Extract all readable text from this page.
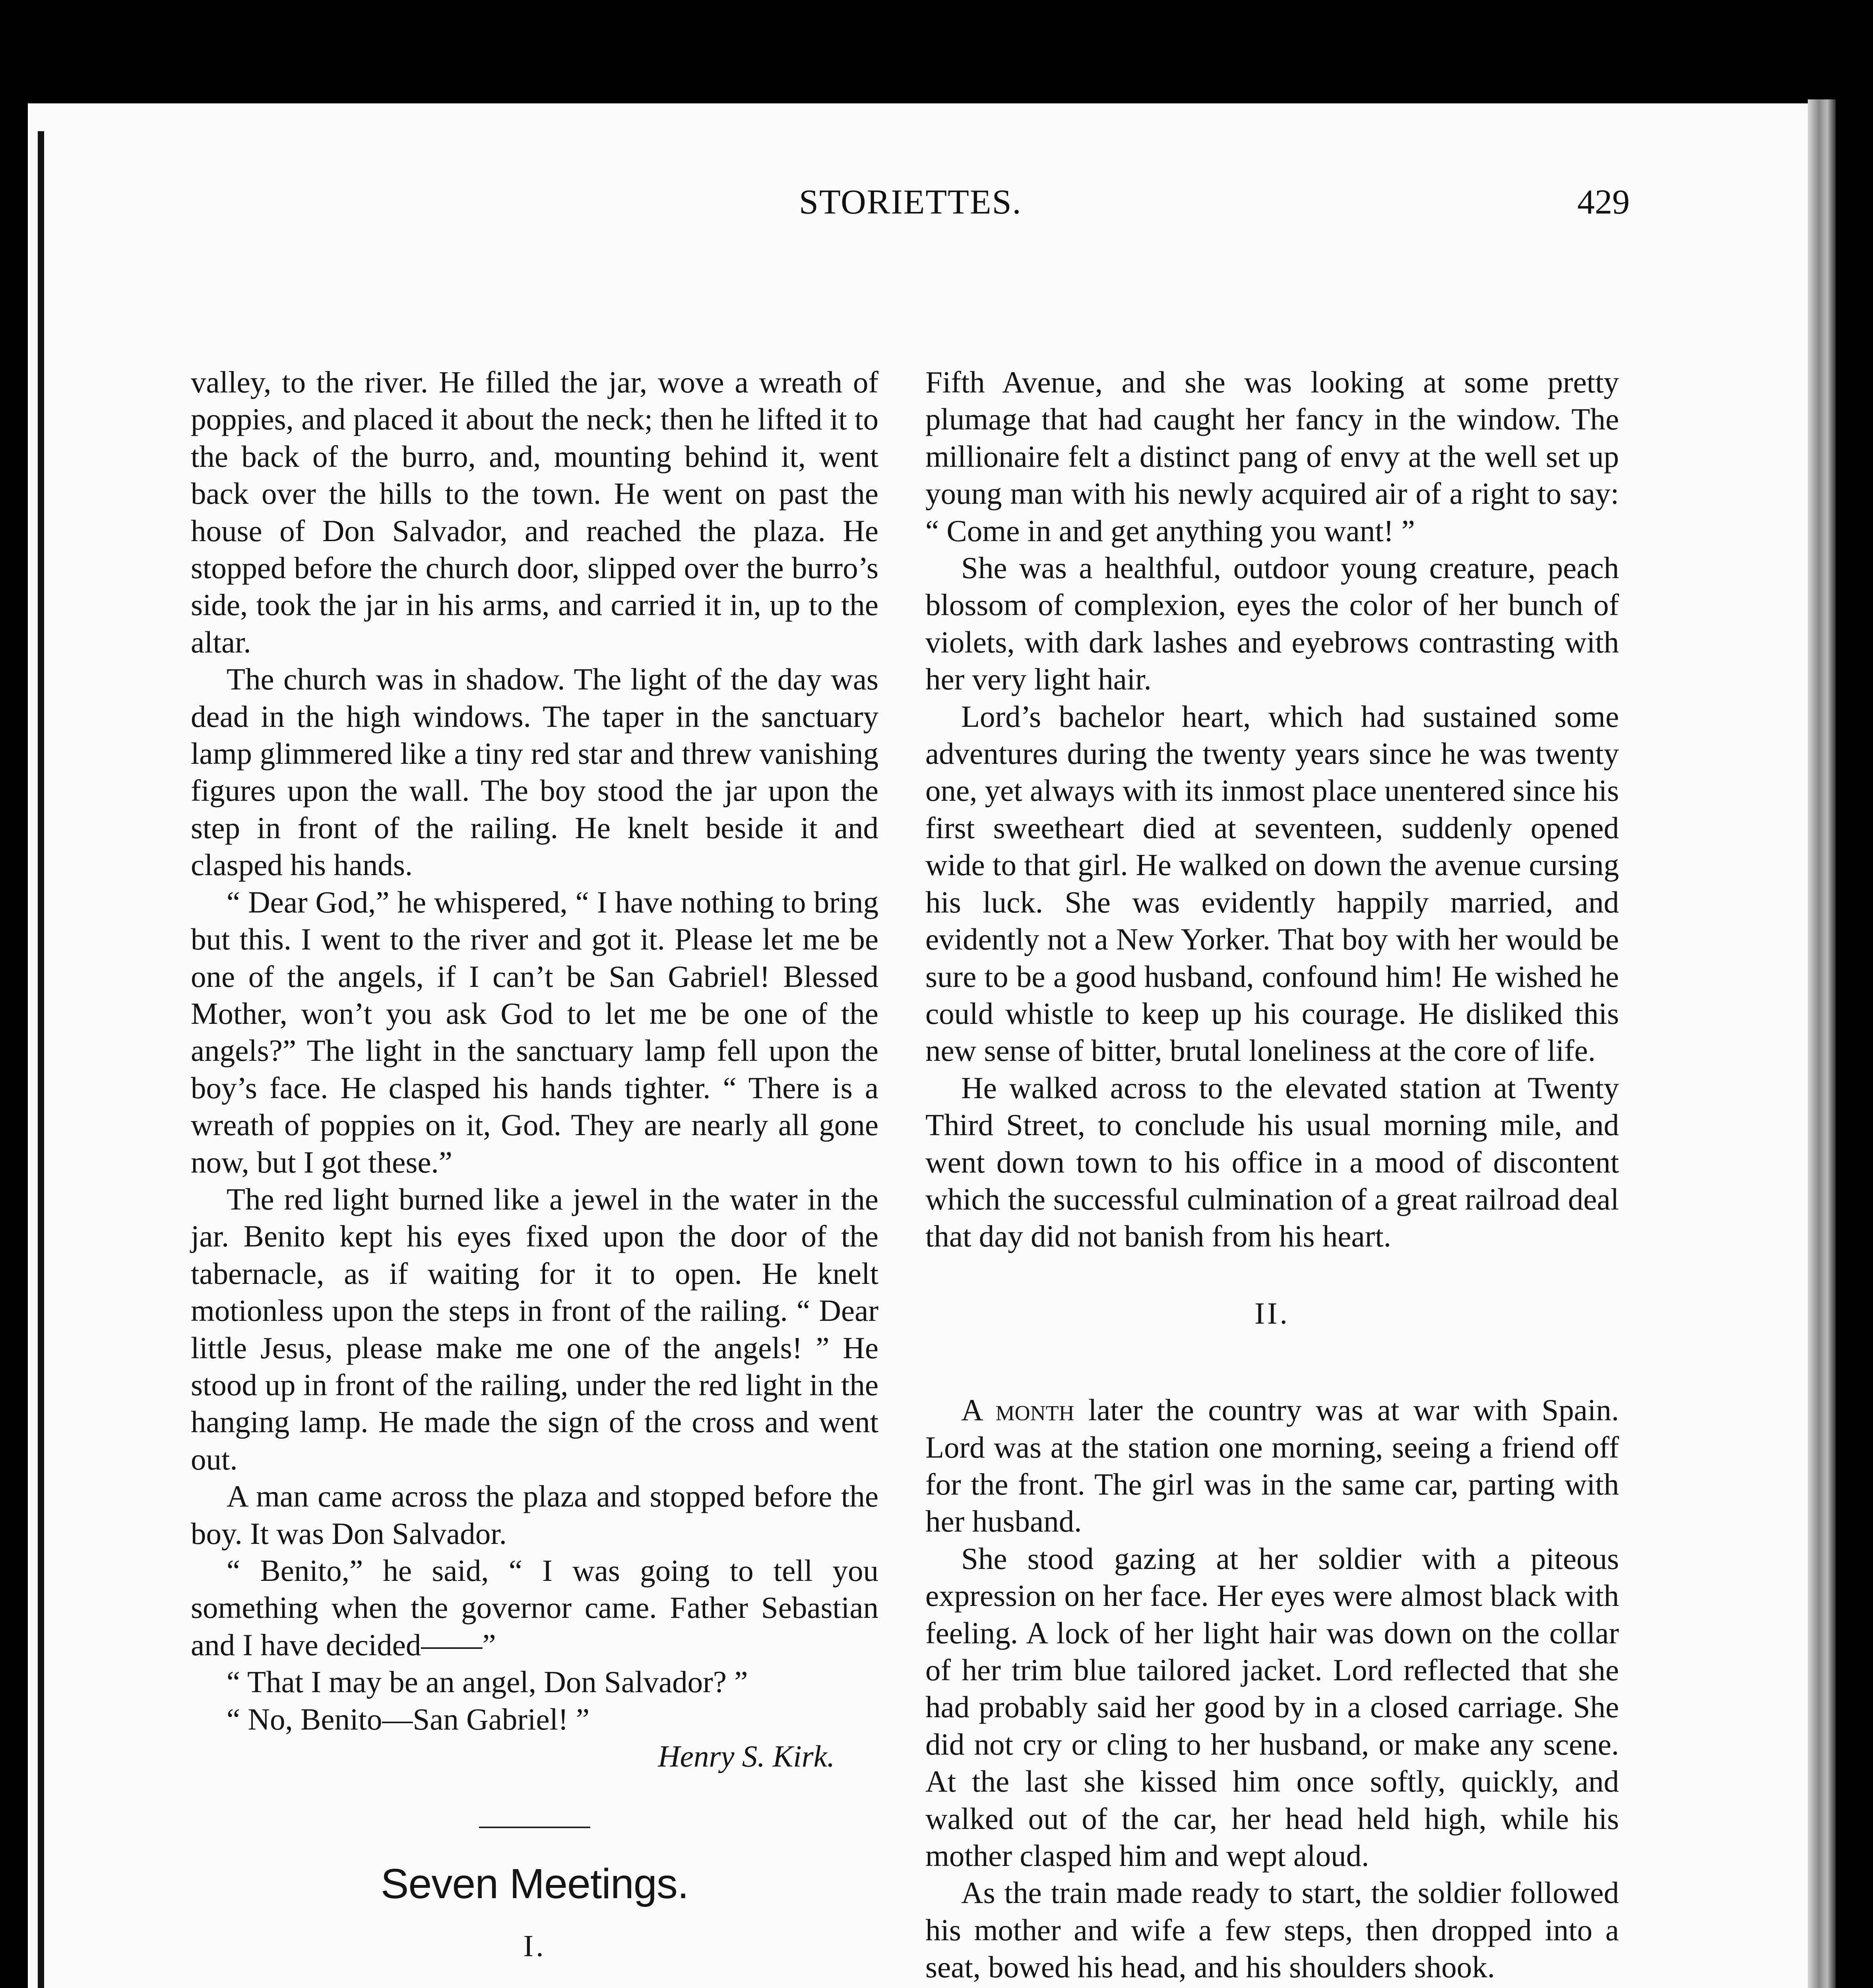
STORIETTES.	429

valley, to the river. He filled the jar, wove a wreath of poppies, and placed it about the neck; then he lifted it to the back of the burro, and, mounting behind it, went back over the hills to the town. He went on past the house of Don Salvador, and reached the plaza. He stopped before the church door, slipped over the burro’s side, took the jar in his arms, and carried it in, up to the altar.

The church was in shadow. The light of the day was dead in the high windows. The taper in the sanctuary lamp glimmered like a tiny red star and threw vanishing figures upon the wall. The boy stood the jar upon the step in front of the railing. He knelt beside it and clasped his hands.

“ Dear God,” he whispered, “ I have nothing to bring but this. I went to the river and got it. Please let me be one of the angels, if I can’t be San Gabriel! Blessed Mother, won’t you ask God to let me be one of the angels?” The light in the sanctuary lamp fell upon the boy’s face. He clasped his hands tighter. “ There is a wreath of poppies on it, God. They are nearly all gone now, but I got these.”

The red light burned like a jewel in the water in the jar. Benito kept his eyes fixed upon the door of the tabernacle, as if waiting for it to open. He knelt motionless upon the steps in front of the railing. “ Dear little Jesus, please make me one of the angels! ” He stood up in front of the railing, under the red light in the hanging lamp. He made the sign of the cross and went out.

A man came across the plaza and stopped before the boy. It was Don Salvador.

“ Benito,” he said, “ I was going to tell you something when the governor came. Father Sebastian and I have decided——”

“ That I may be an angel, Don Salvador? ”

“ No, Benito—San Gabriel! ”

Henry S. Kirk.
Seven Meetings.
I.

Fifth Avenue, and she was looking at some pretty plumage that had caught her fancy in the window. The millionaire felt a distinct pang of envy at the well set up young man with his newly acquired air of a right to say: “ Come in and get anything you want! ”

She was a healthful, outdoor young creature, peach blossom of complexion, eyes the color of her bunch of violets, with dark lashes and eyebrows contrasting with her very light hair.

Lord’s bachelor heart, which had sustained some adventures during the twenty years since he was twenty one, yet always with its inmost place unentered since his first sweetheart died at seventeen, suddenly opened wide to that girl. He walked on down the avenue cursing his luck. She was evidently happily married, and evidently not a New Yorker. That boy with her would be sure to be a good husband, confound him! He wished he could whistle to keep up his courage. He disliked this new sense of bitter, brutal loneliness at the core of life.

He walked across to the elevated station at Twenty Third Street, to conclude his usual morning mile, and went down town to his office in a mood of discontent which the successful culmination of a great railroad deal that day did not banish from his heart.

II.

A month later the country was at war with Spain. Lord was at the station one morning, seeing a friend off for the front. The girl was in the same car, parting with her husband.

She stood gazing at her soldier with a piteous expression on her face. Her eyes were almost black with feeling. A lock of her light hair was down on the collar of her trim blue tailored jacket. Lord reflected that she had probably said her good by in a closed carriage. She did not cry or cling to her husband, or make any scene. At the last she kissed him once softly, quickly, and walked out of the car, her head held high, while his mother clasped him and wept aloud.

As the train made ready to start, the soldier followed his mother and wife a few steps, then dropped into a seat, bowed his head, and his shoulders shook.
